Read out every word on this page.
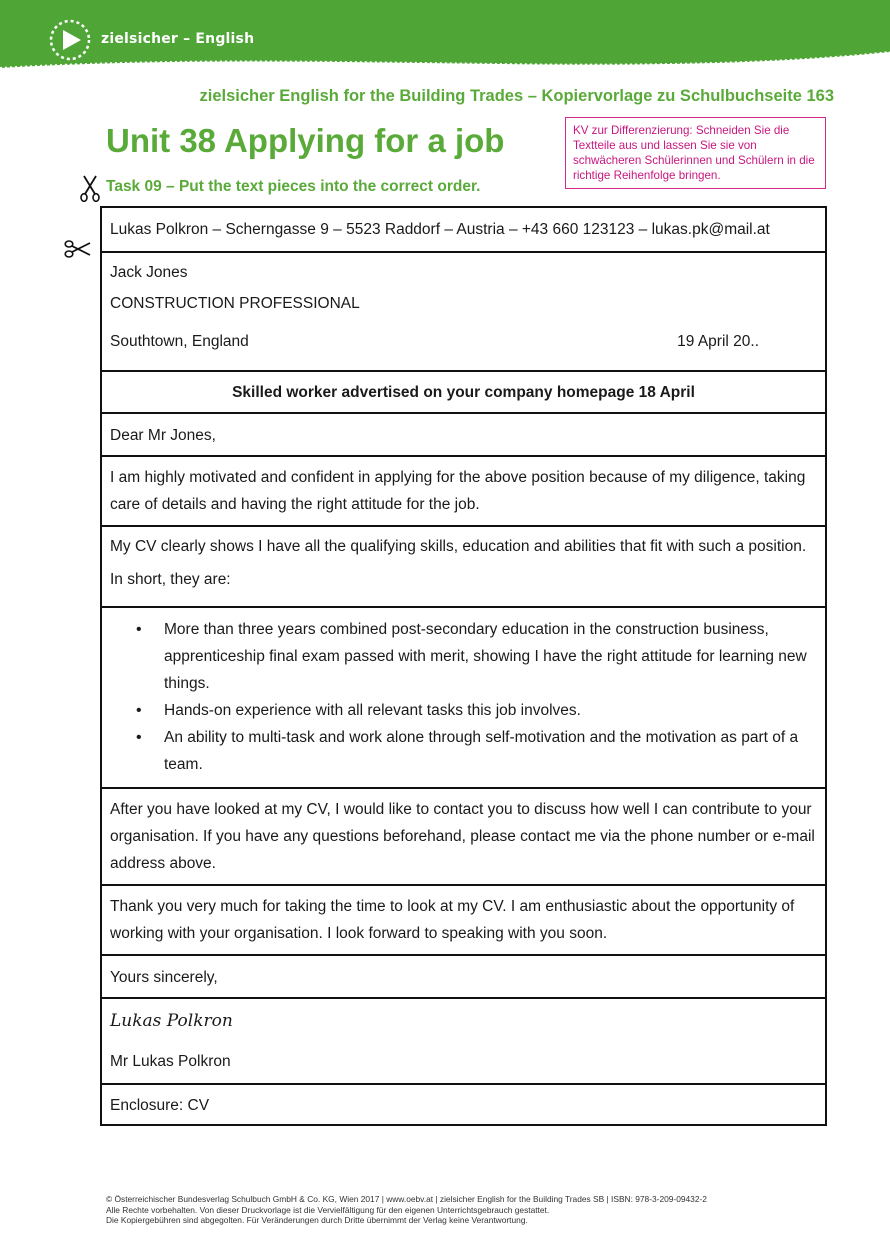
zielsicher – English
zielsicher English for the Building Trades – Kopiervorlage zu Schulbuchseite 163
Unit 38 Applying for a job	KV zur Differenzierung: Schneiden Sie die Textteile aus und lassen Sie sie von schwächeren Schülerinnen und Schülern in die richtige Reihenfolge bringen.
Task 09 – Put the text pieces into the correct order.

Lukas Polkron – Scherngasse 9 – 5523 Raddorf – Austria – +43 660 123123 – lukas.pk@mail.at

Jack Jones

CONSTRUCTION PROFESSIONAL

Southtown, England	19 April 20..

Skilled worker advertised on your company homepage 18 April

Dear Mr Jones,

I am highly motivated and confident in applying for the above position because of my diligence, taking care of details and having the right attitude for the job.

My CV clearly shows I have all the qualifying skills, education and abilities that fit with such a position.

In short, they are:

• More than three years combined post-secondary education in the construction business, apprenticeship final exam passed with merit, showing I have the right attitude for learning new things.
• Hands-on experience with all relevant tasks this job involves.
• An ability to multi-task and work alone through self-motivation and the motivation as part of a team.

After you have looked at my CV, I would like to contact you to discuss how well I can contribute to your organisation. If you have any questions beforehand, please contact me via the phone number or e-mail address above.

Thank you very much for taking the time to look at my CV. I am enthusiastic about the opportunity of working with your organisation. I look forward to speaking with you soon.

Yours sincerely,

Lukas Polkron

Mr Lukas Polkron

Enclosure: CV

© Österreichischer Bundesverlag Schulbuch GmbH & Co. KG, Wien 2017 | www.oebv.at | zielsicher English for the Building Trades SB | ISBN: 978-3-209-09432-2
Alle Rechte vorbehalten. Von dieser Druckvorlage ist die Vervielfältigung für den eigenen Unterrichtsgebrauch gestattet.
Die Kopiergebühren sind abgegolten. Für Veränderungen durch Dritte übernimmt der Verlag keine Verantwortung.
